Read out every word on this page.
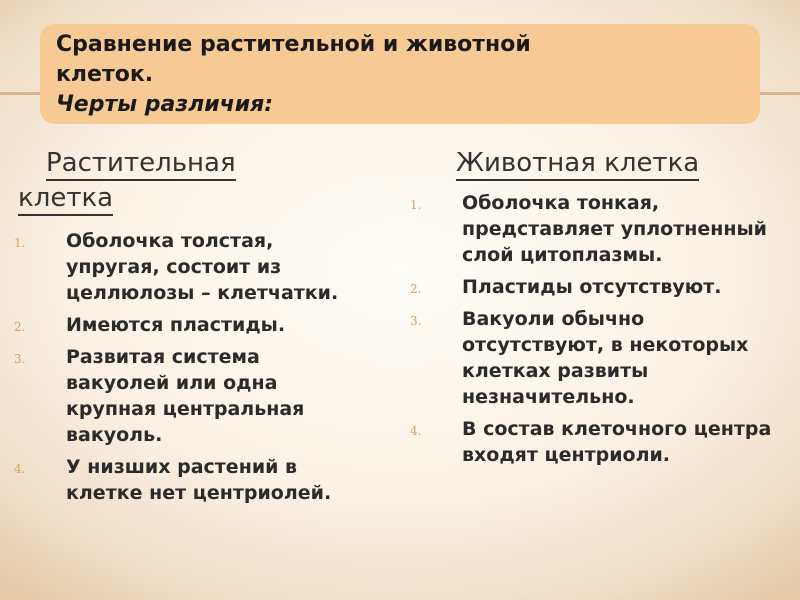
Сравнение растительной и животной
клеток.
Черты различия:
Растительная
клетка
1. Оболочка толстая, упругая, состоит из целлюлозы – клетчатки.
2. Имеются пластиды.
3. Развитая система вакуолей или одна крупная центральная вакуоль.
4. У низших растений в клетке нет центриолей.
Животная клетка
1. Оболочка тонкая, представляет уплотненный слой цитоплазмы.
2. Пластиды отсутствуют.
3. Вакуоли обычно отсутствуют, в некоторых клетках развиты незначительно.
4. В состав клеточного центра входят центриоли.
